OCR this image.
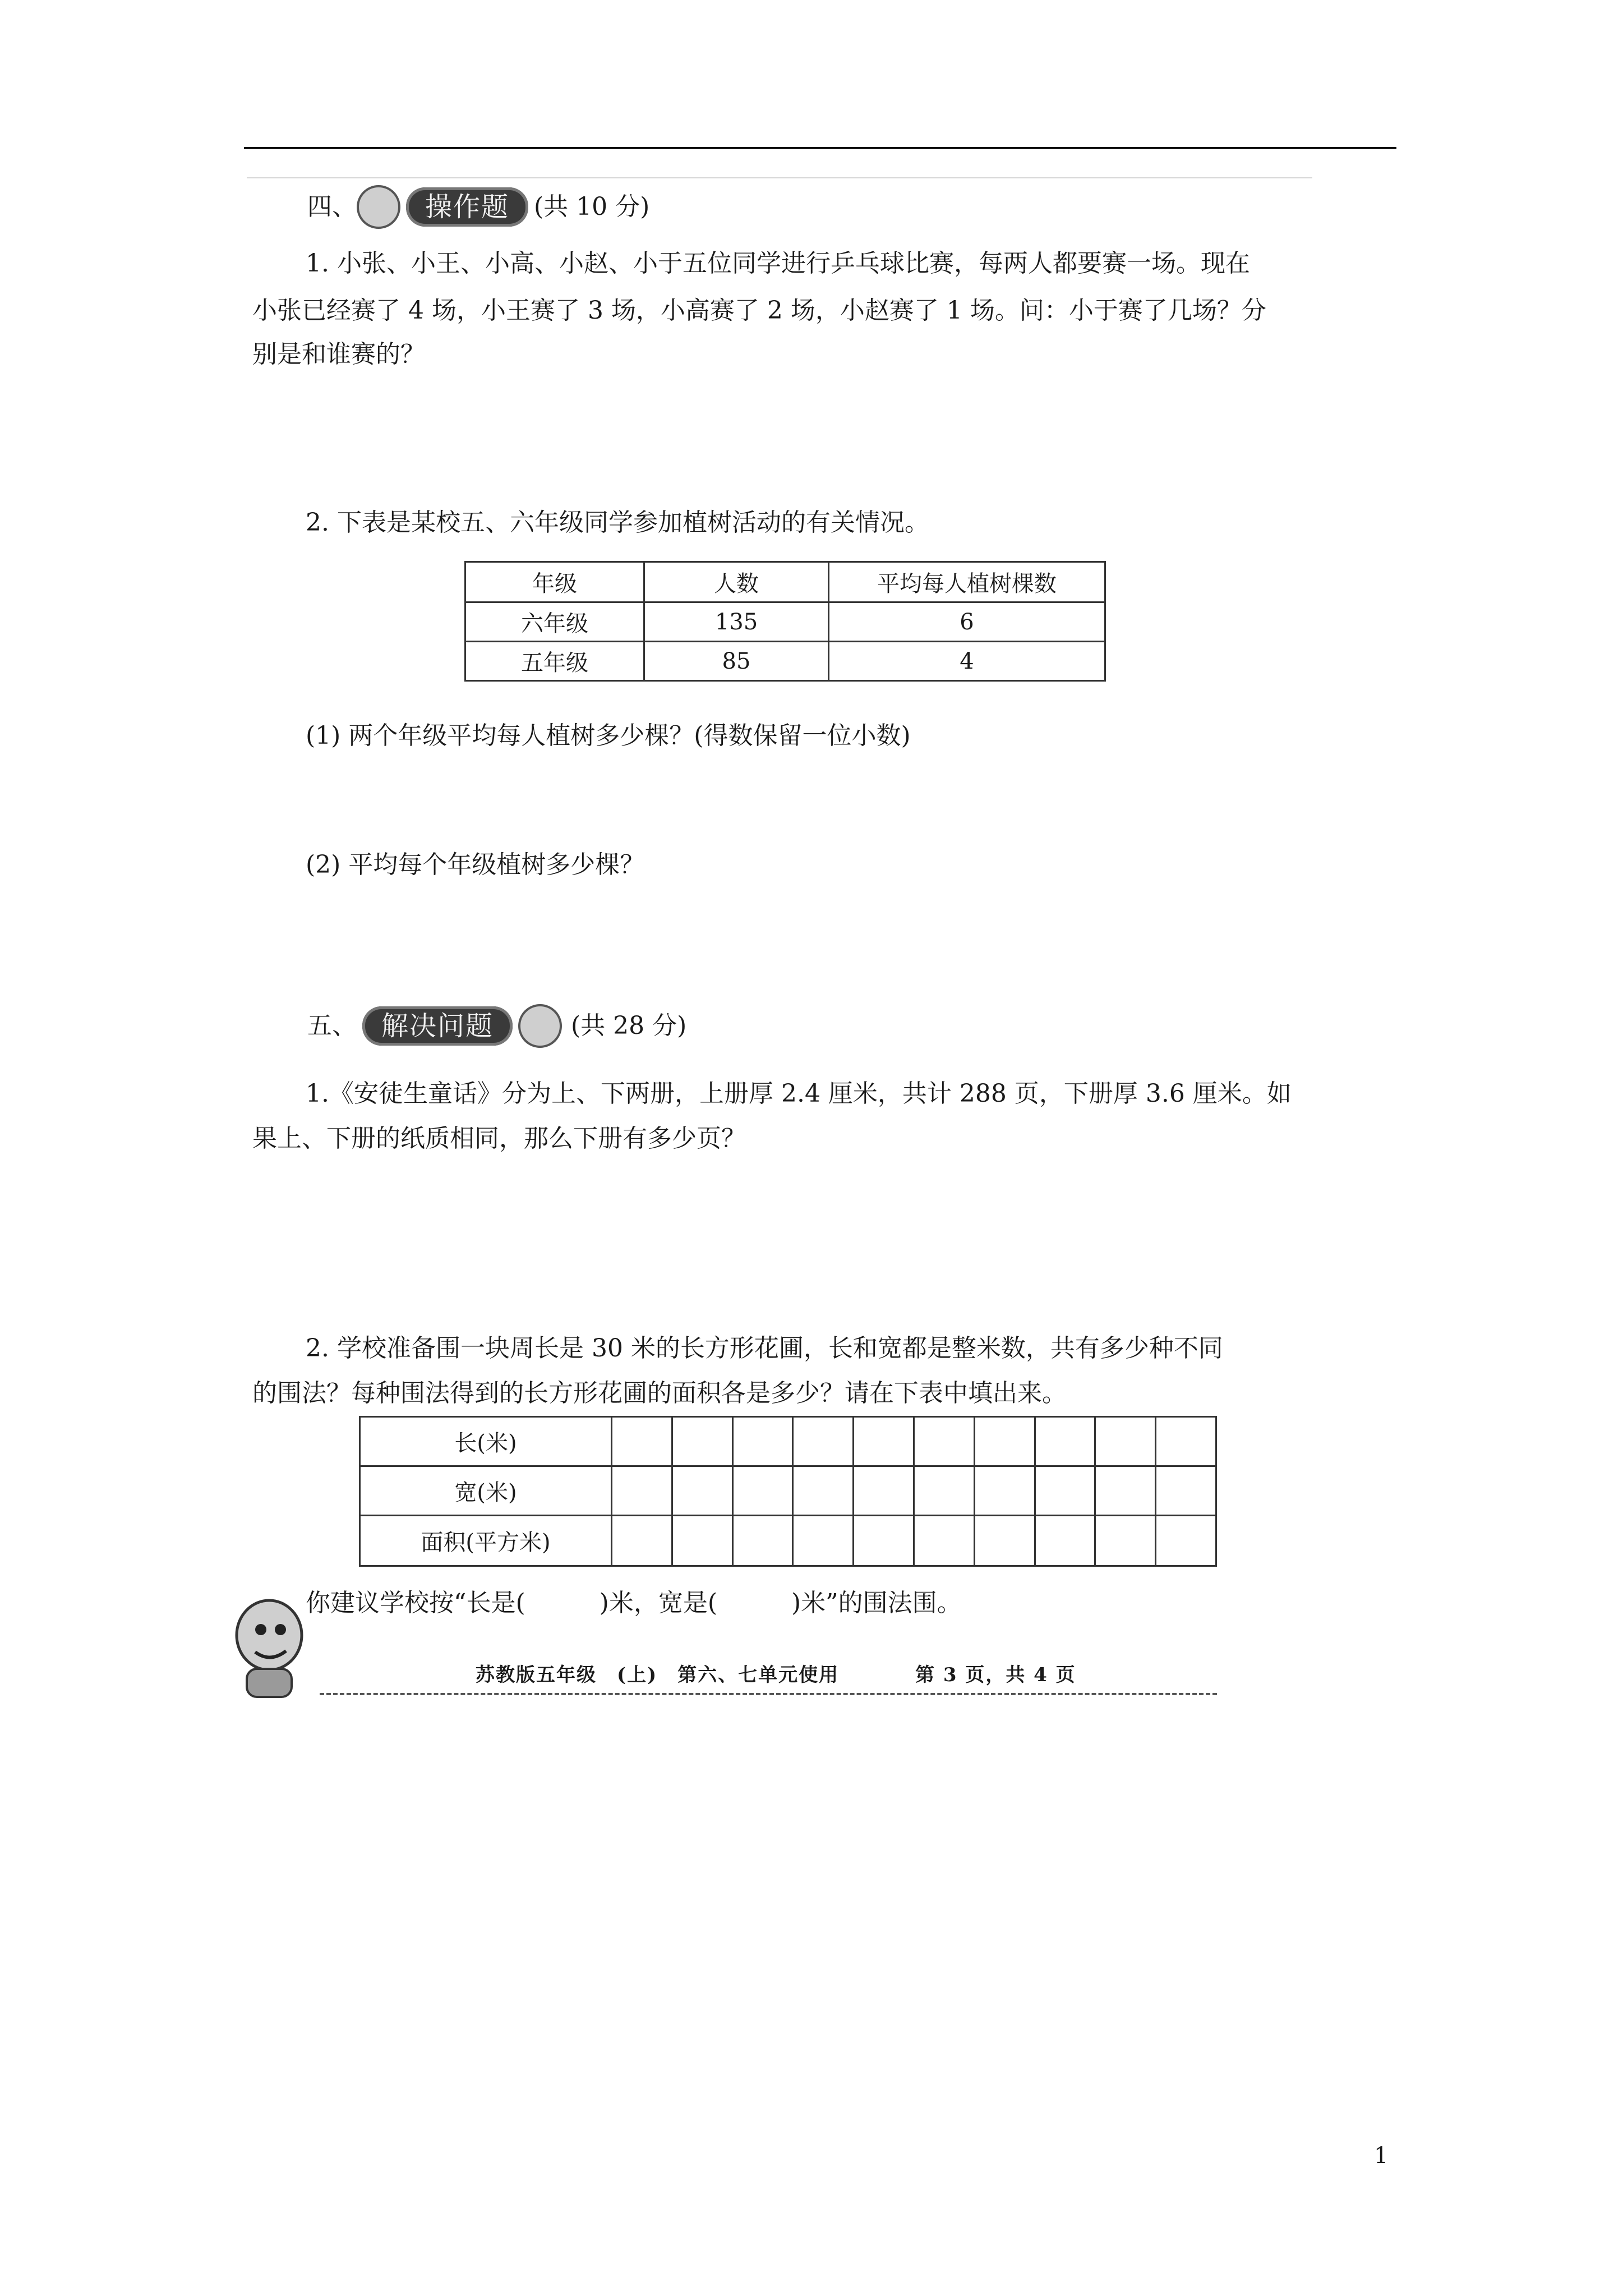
四、	操作题	(共 10 分)
1. 小张、小王、小高、小赵、小于五位同学进行乒乓球比赛，每两人都要赛一场。现在
小张已经赛了 4 场，小王赛了 3 场，小高赛了 2 场，小赵赛了 1 场。问：小于赛了几场？分
别是和谁赛的？
2. 下表是某校五、六年级同学参加植树活动的有关情况。
年级	人数	平均每人植树棵数
六年级	135	6
五年级	85	4
(1) 两个年级平均每人植树多少棵？(得数保留一位小数)
(2) 平均每个年级植树多少棵？
五、 解决问题	(共 28 分)
1.《安徒生童话》分为上、下两册，上册厚 2.4 厘米，共计 288 页，下册厚 3.6 厘米。如
果上、下册的纸质相同，那么下册有多少页？
2. 学校准备围一块周长是 30 米的长方形花圃，长和宽都是整米数，共有多少种不同
的围法？每种围法得到的长方形花圃的面积各是多少？请在下表中填出来。
长(米)										
宽(米)										
面积(平方米)										
你建议学校按“长是(　　　)米，宽是(　　　)米”的围法围。
苏教版五年级　(上)　第六、七单元使用	第 3 页，共 4 页
1
